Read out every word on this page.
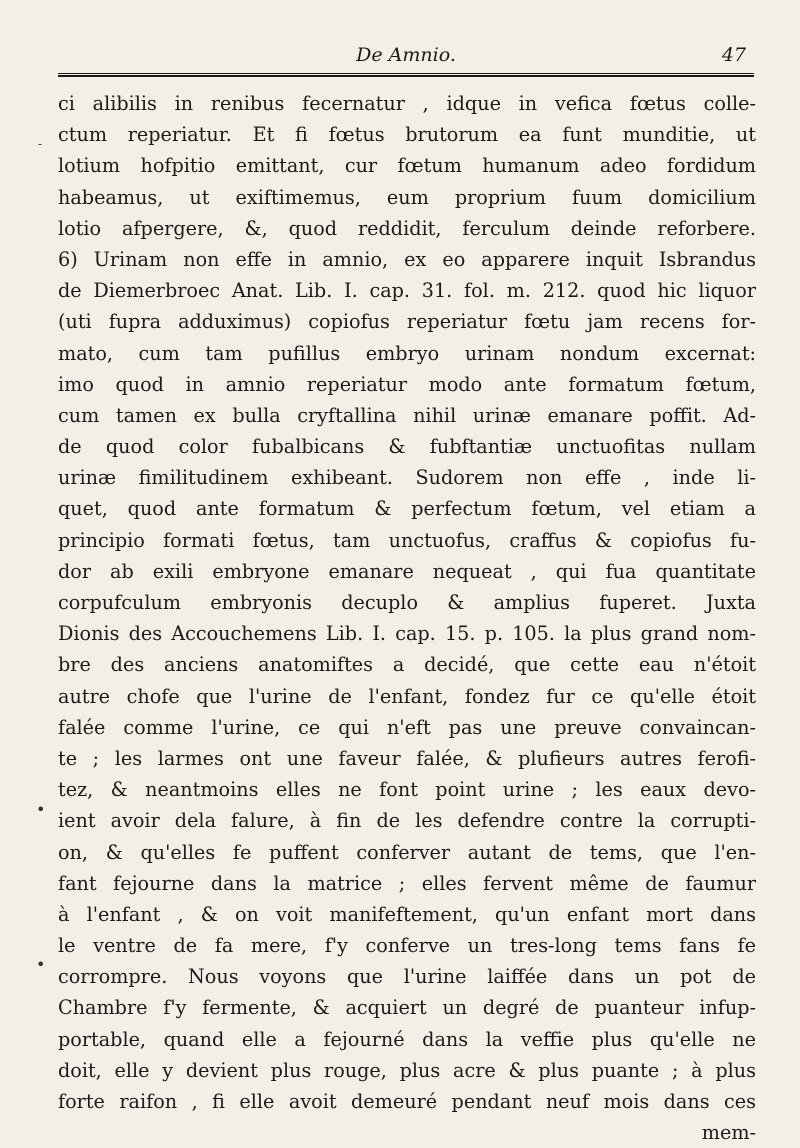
De Amnio.	47
ci alibilis in renibus fecernatur , idque in vefica fœtus colle-
ctum reperiatur. Et fi fœtus brutorum ea funt munditie, ut
lotium hofpitio emittant, cur fœtum humanum adeo fordidum
habeamus, ut exiftimemus, eum proprium fuum domicilium
lotio afpergere, &, quod reddidit, ferculum deinde reforbere.
6) Urinam non effe in amnio, ex eo apparere inquit Isbrandus
de Diemerbroec Anat. Lib. I. cap. 31. fol. m. 212. quod hic liquor
(uti fupra adduximus) copiofus reperiatur fœtu jam recens for-
mato, cum tam pufillus embryo urinam nondum excernat:
imo quod in amnio reperiatur modo ante formatum fœtum,
cum tamen ex bulla cryftallina nihil urinæ emanare poffit. Ad-
de quod color fubalbicans & fubftantiæ unctuofitas nullam
urinæ fimilitudinem exhibeant. Sudorem non effe , inde li-
quet, quod ante formatum & perfectum fœtum, vel etiam a
principio formati fœtus, tam unctuofus, craffus & copiofus fu-
dor ab exili embryone emanare nequeat , qui fua quantitate
corpufculum embryonis decuplo & amplius fuperet. Juxta
Dionis des Accouchemens Lib. I. cap. 15. p. 105. la plus grand nom-
bre des anciens anatomiftes a decidé, que cette eau n'étoit
autre chofe que l'urine de l'enfant, fondez fur ce qu'elle étoit
falée comme l'urine, ce qui n'eft pas une preuve convaincan-
te ; les larmes ont une faveur falée, & plufieurs autres ferofi-
tez, & neantmoins elles ne font point urine ; les eaux devo-
ient avoir dela falure, à fin de les defendre contre la corrupti-
on, & qu'elles fe puffent conferver autant de tems, que l'en-
fant fejourne dans la matrice ; elles fervent même de faumur
à l'enfant , & on voit manifeftement, qu'un enfant mort dans
le ventre de fa mere, f'y conferve un tres-long tems fans fe
corrompre. Nous voyons que l'urine laiffée dans un pot de
Chambre f'y fermente, & acquiert un degré de puanteur infup-
portable, quand elle a fejourné dans la veffie plus qu'elle ne
doit, elle y devient plus rouge, plus acre & plus puante ; à plus
forte raifon , fi elle avoit demeuré pendant neuf mois dans ces
mem-
•
•
-
